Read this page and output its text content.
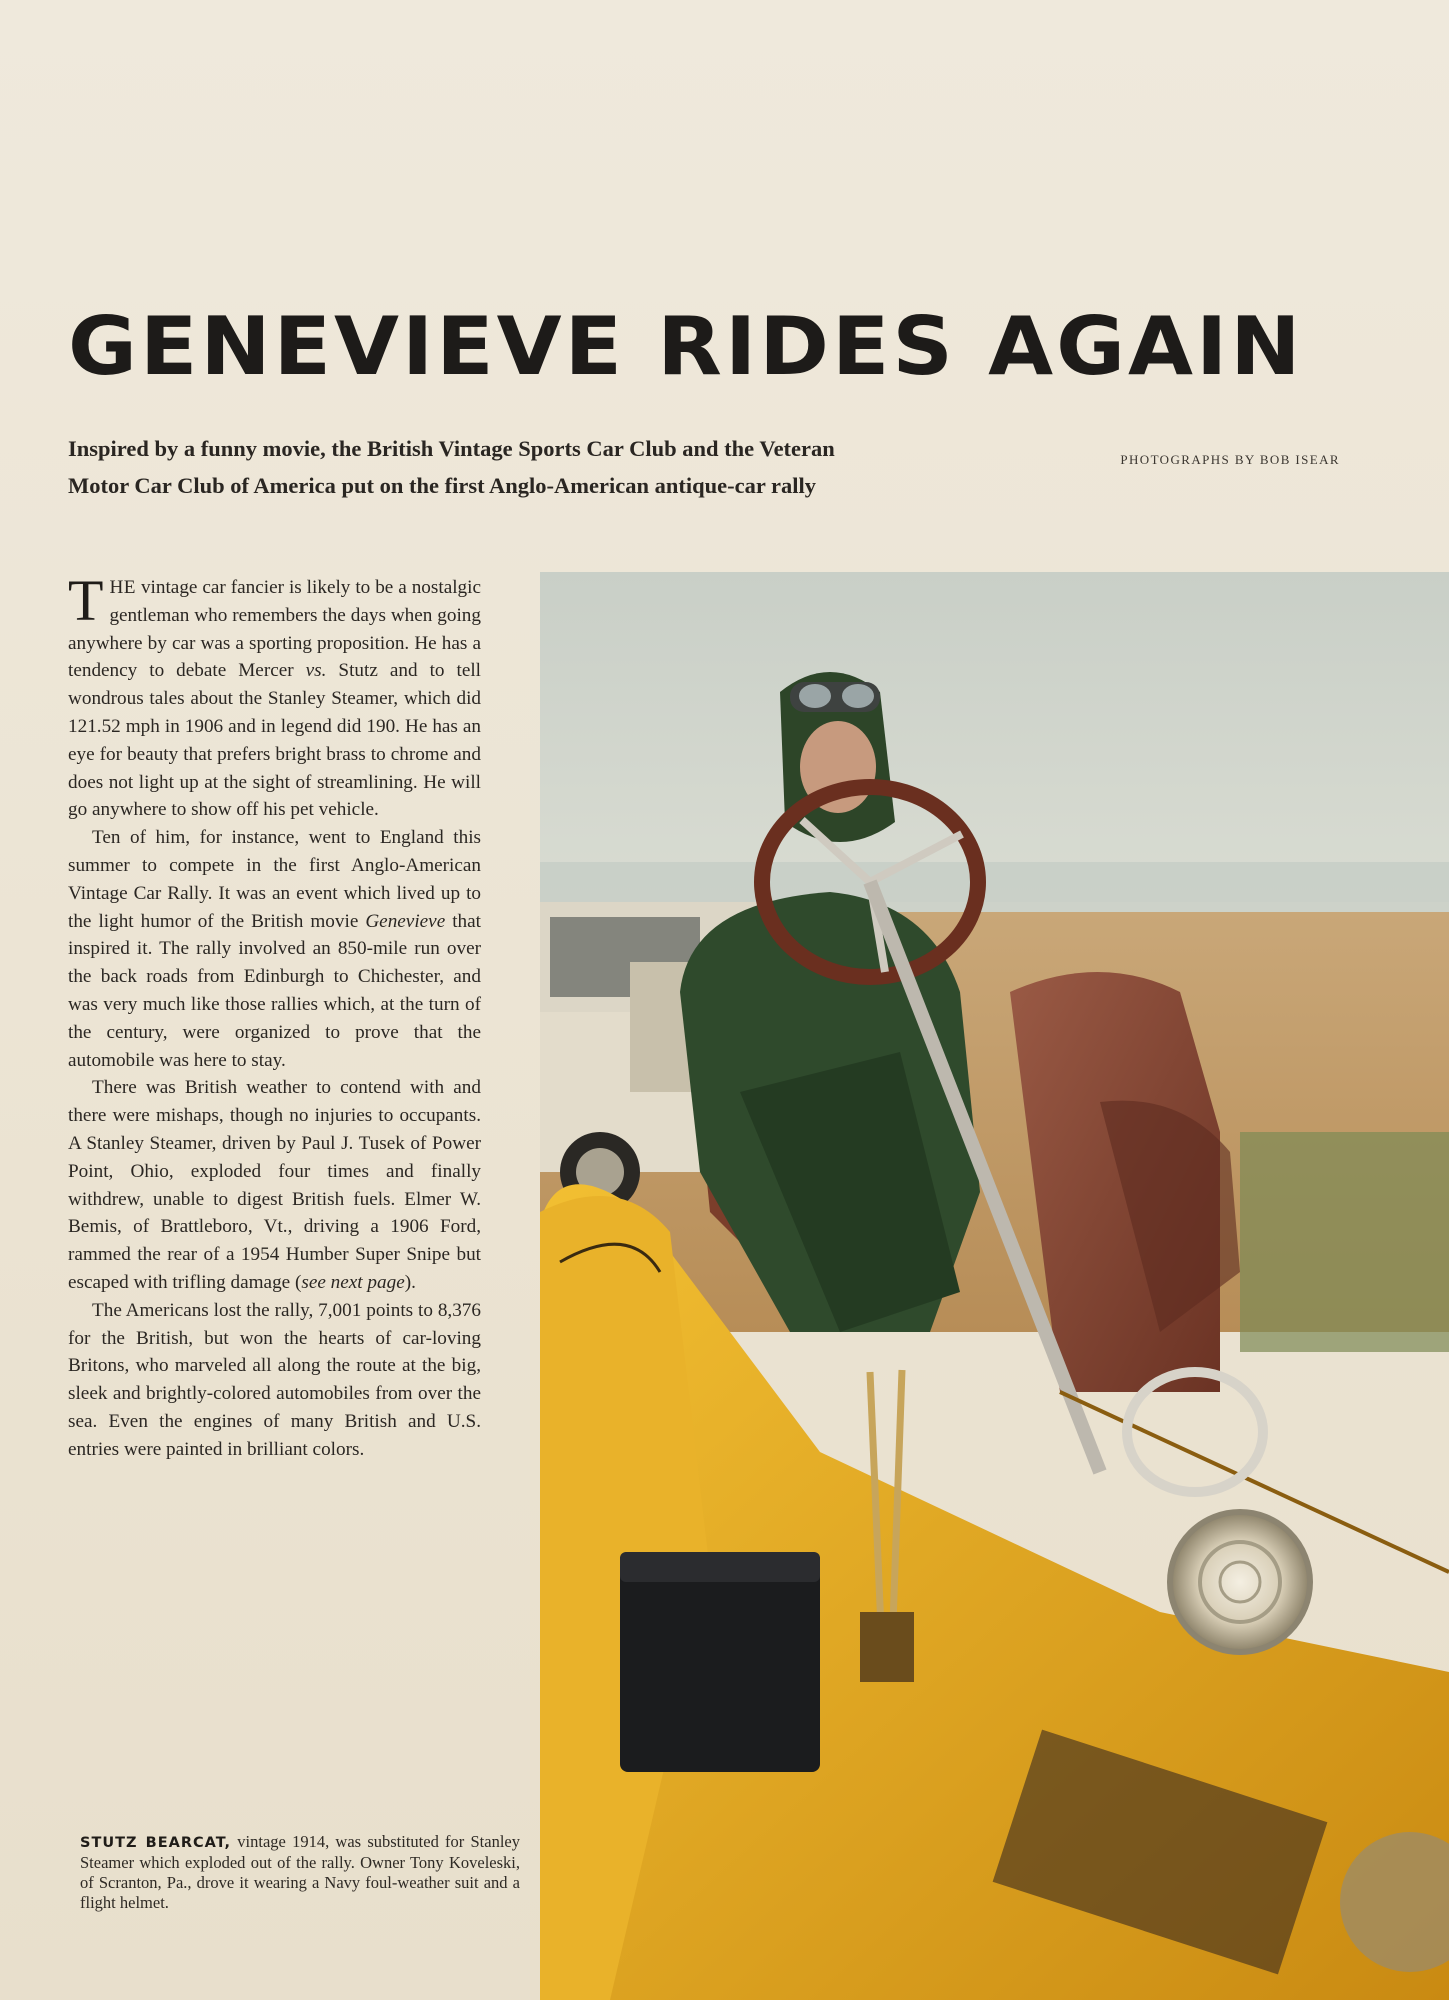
GENEVIEVE RIDES AGAIN

Inspired by a funny movie, the British Vintage Sports Car Club and the Veteran
Motor Car Club of America put on the first Anglo-American antique-car rally

PHOTOGRAPHS BY BOB ISEAR

THE vintage car fancier is likely to be a nostalgic gentleman who remembers the days when going anywhere by car was a sporting proposition. He has a tendency to debate Mercer vs. Stutz and to tell wondrous tales about the Stanley Steamer, which did 121.52 mph in 1906 and in legend did 190. He has an eye for beauty that prefers bright brass to chrome and does not light up at the sight of streamlining. He will go anywhere to show off his pet vehicle.

Ten of him, for instance, went to England this summer to compete in the first Anglo-American Vintage Car Rally. It was an event which lived up to the light humor of the British movie Genevieve that inspired it. The rally involved an 850-mile run over the back roads from Edinburgh to Chichester, and was very much like those rallies which, at the turn of the century, were organized to prove that the automobile was here to stay.

There was British weather to contend with and there were mishaps, though no injuries to occupants. A Stanley Steamer, driven by Paul J. Tusek of Power Point, Ohio, exploded four times and finally withdrew, unable to digest British fuels. Elmer W. Bemis, of Brattleboro, Vt., driving a 1906 Ford, rammed the rear of a 1954 Humber Super Snipe but escaped with trifling damage (see next page).

The Americans lost the rally, 7,001 points to 8,376 for the British, but won the hearts of car-loving Britons, who marveled all along the route at the big, sleek and brightly-colored automobiles from over the sea. Even the engines of many British and U.S. entries were painted in brilliant colors.

STUTZ BEARCAT, vintage 1914, was substituted for Stanley Steamer which exploded out of the rally. Owner Tony Koveleski, of Scranton, Pa., drove it wearing a Navy foul-weather suit and a flight helmet.
